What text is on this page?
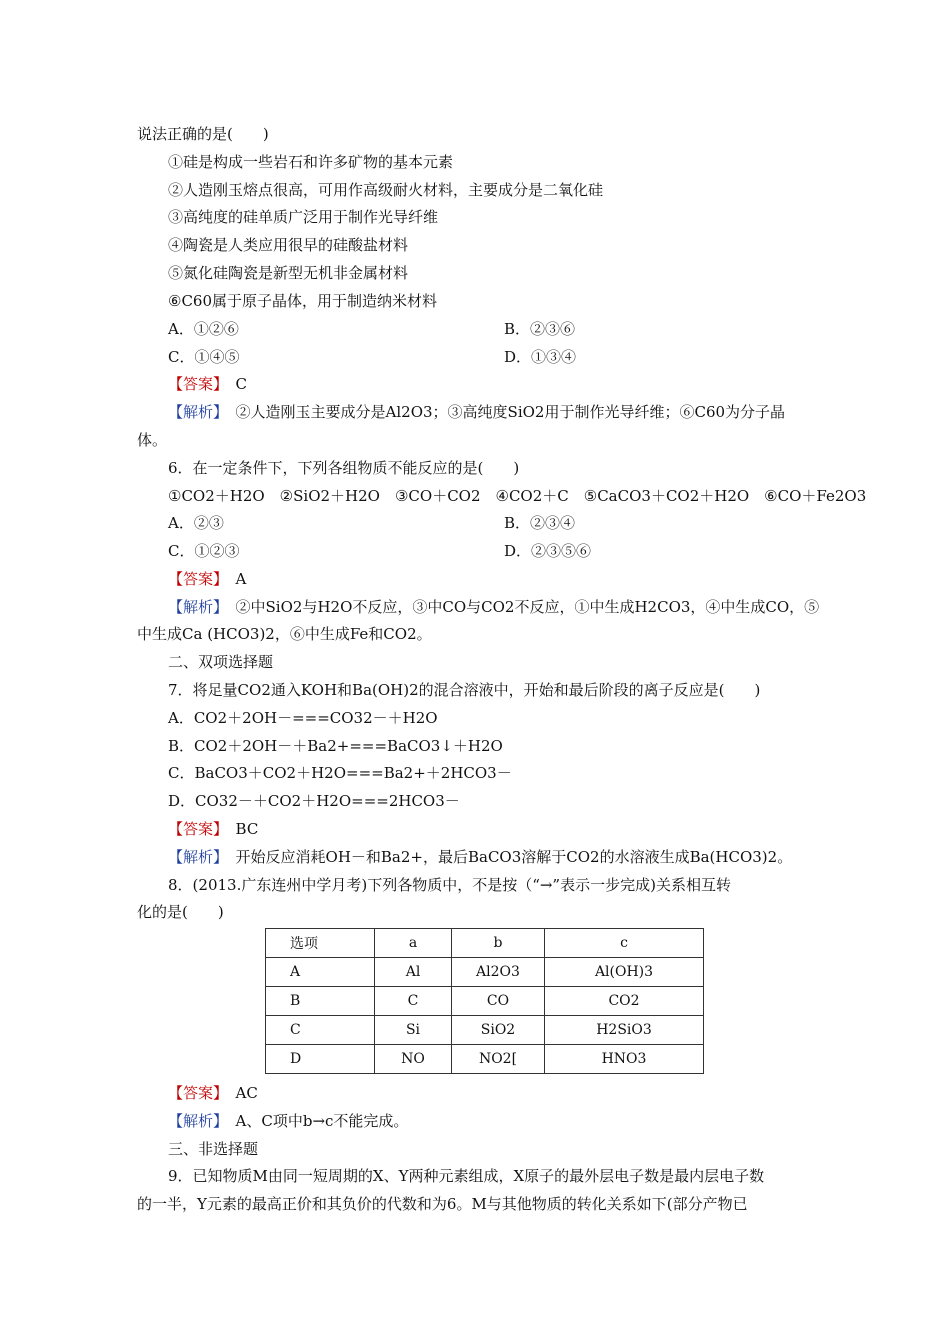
说法正确的是(　　)
①硅是构成一些岩石和许多矿物的基本元素
②人造刚玉熔点很高，可用作高级耐火材料，主要成分是二氧化硅
③高纯度的硅单质广泛用于制作光导纤维
④陶瓷是人类应用很早的硅酸盐材料
⑤氮化硅陶瓷是新型无机非金属材料
⑥C60属于原子晶体，用于制造纳米材料
A．①②⑥	B．②③⑥
C．①④⑤	D．①③④
【答案】　 C
【解析】　 ②人造刚玉主要成分是Al2O3；③高纯度SiO2用于制作光导纤维；⑥C60为分子晶
体。
6．在一定条件下，下列各组物质不能反应的是(　　)
①CO2＋H2O　②SiO2＋H2O　③CO＋CO2　④CO2＋C　⑤CaCO3＋CO2＋H2O　⑥CO＋Fe2O3
A．②③	B．②③④
C．①②③	D．②③⑤⑥
【答案】　 A
【解析】　 ②中SiO2与H2O不反应，③中CO与CO2不反应，①中生成H2CO3，④中生成CO，⑤
中生成Ca (HCO3)2，⑥中生成Fe和CO2。
二、双项选择题
7．将足量CO2通入KOH和Ba(OH)2的混合溶液中，开始和最后阶段的离子反应是(　　)
A．CO2＋2OH－===CO32－＋H2O
B．CO2＋2OH－＋Ba2+===BaCO3↓＋H2O
C．BaCO3＋CO2＋H2O===Ba2+＋2HCO3－
D．CO32－＋CO2＋H2O===2HCO3－
【答案】　 BC
【解析】　 开始反应消耗OH－和Ba2+，最后BaCO3溶解于CO2的水溶液生成Ba(HCO3)2。
8．(2013.广东连州中学月考)下列各物质中，不是按（“→”表示一步完成)关系相互转
化的是(　　)
选项	a	b	c
A	Al	Al2O3	Al(OH)3
B	C	CO	CO2
C	Si	SiO2	H2SiO3
D	NO	NO2[	HNO3
【答案】　 AC
【解析】　 A、C项中b→c不能完成。
三、非选择题
9．已知物质M由同一短周期的X、Y两种元素组成，X原子的最外层电子数是最内层电子数
的一半，Y元素的最高正价和其负价的代数和为6。M与其他物质的转化关系如下(部分产物已
